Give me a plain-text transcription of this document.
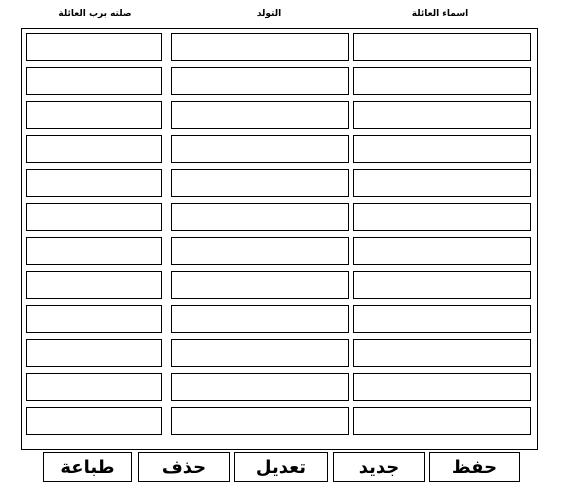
صلته برب العائلة	التولد	اسماء العائلة
طباعة	حذف	تعديل	جديد	حفظ
